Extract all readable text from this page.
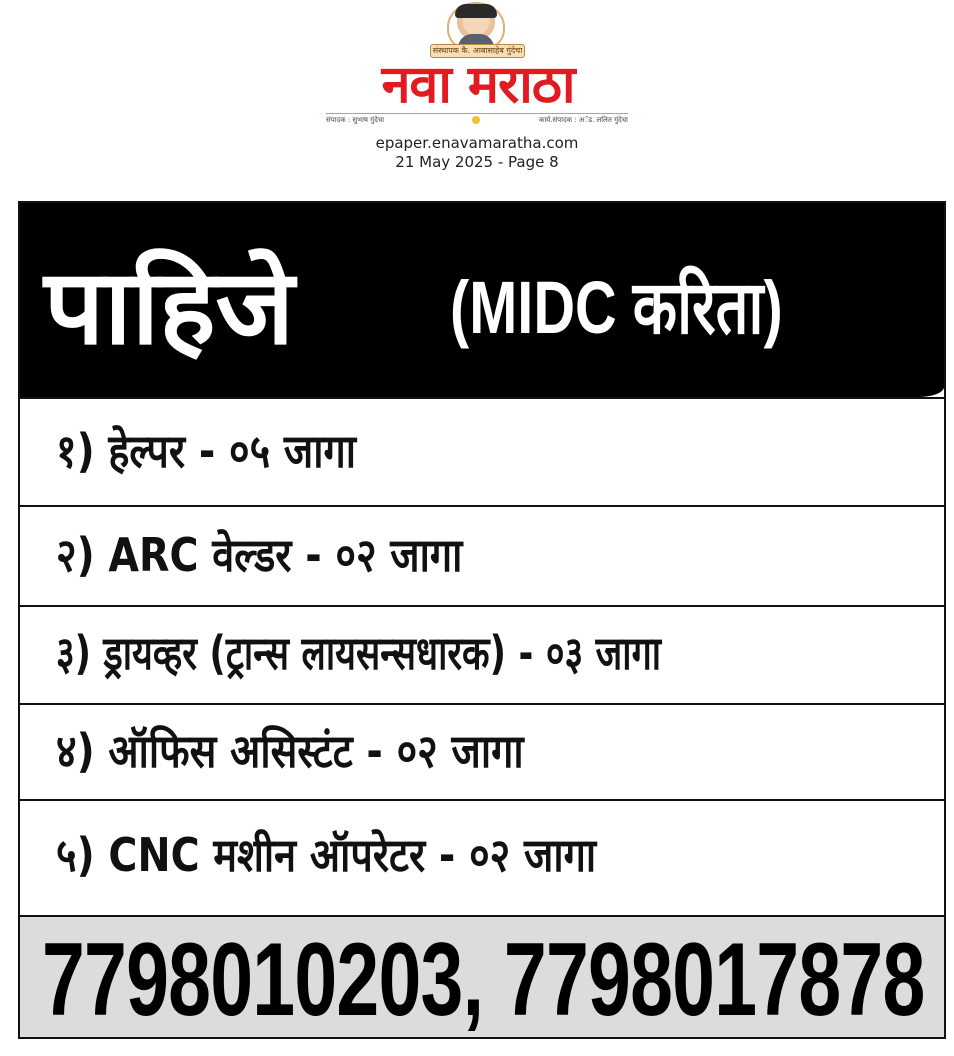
संस्थापक कै. आबासाहेब गुंदेचा
नवा मराठा
संपादक : सुभाष गुंदेचा	कार्य.संपादक : अॅड. ललित गुंदेचा
epaper.enavamaratha.com
21 May 2025 - Page 8
पाहिजे (MIDC करिता)
१) हेल्पर - ०५ जागा
२) ARC वेल्डर - ०२ जागा
३) ड्रायव्हर (ट्रान्स लायसन्सधारक) - ०३ जागा
४) ऑफिस असिस्टंट - ०२ जागा
५) CNC मशीन ऑपरेटर - ०२ जागा
7798010203, 7798017878
